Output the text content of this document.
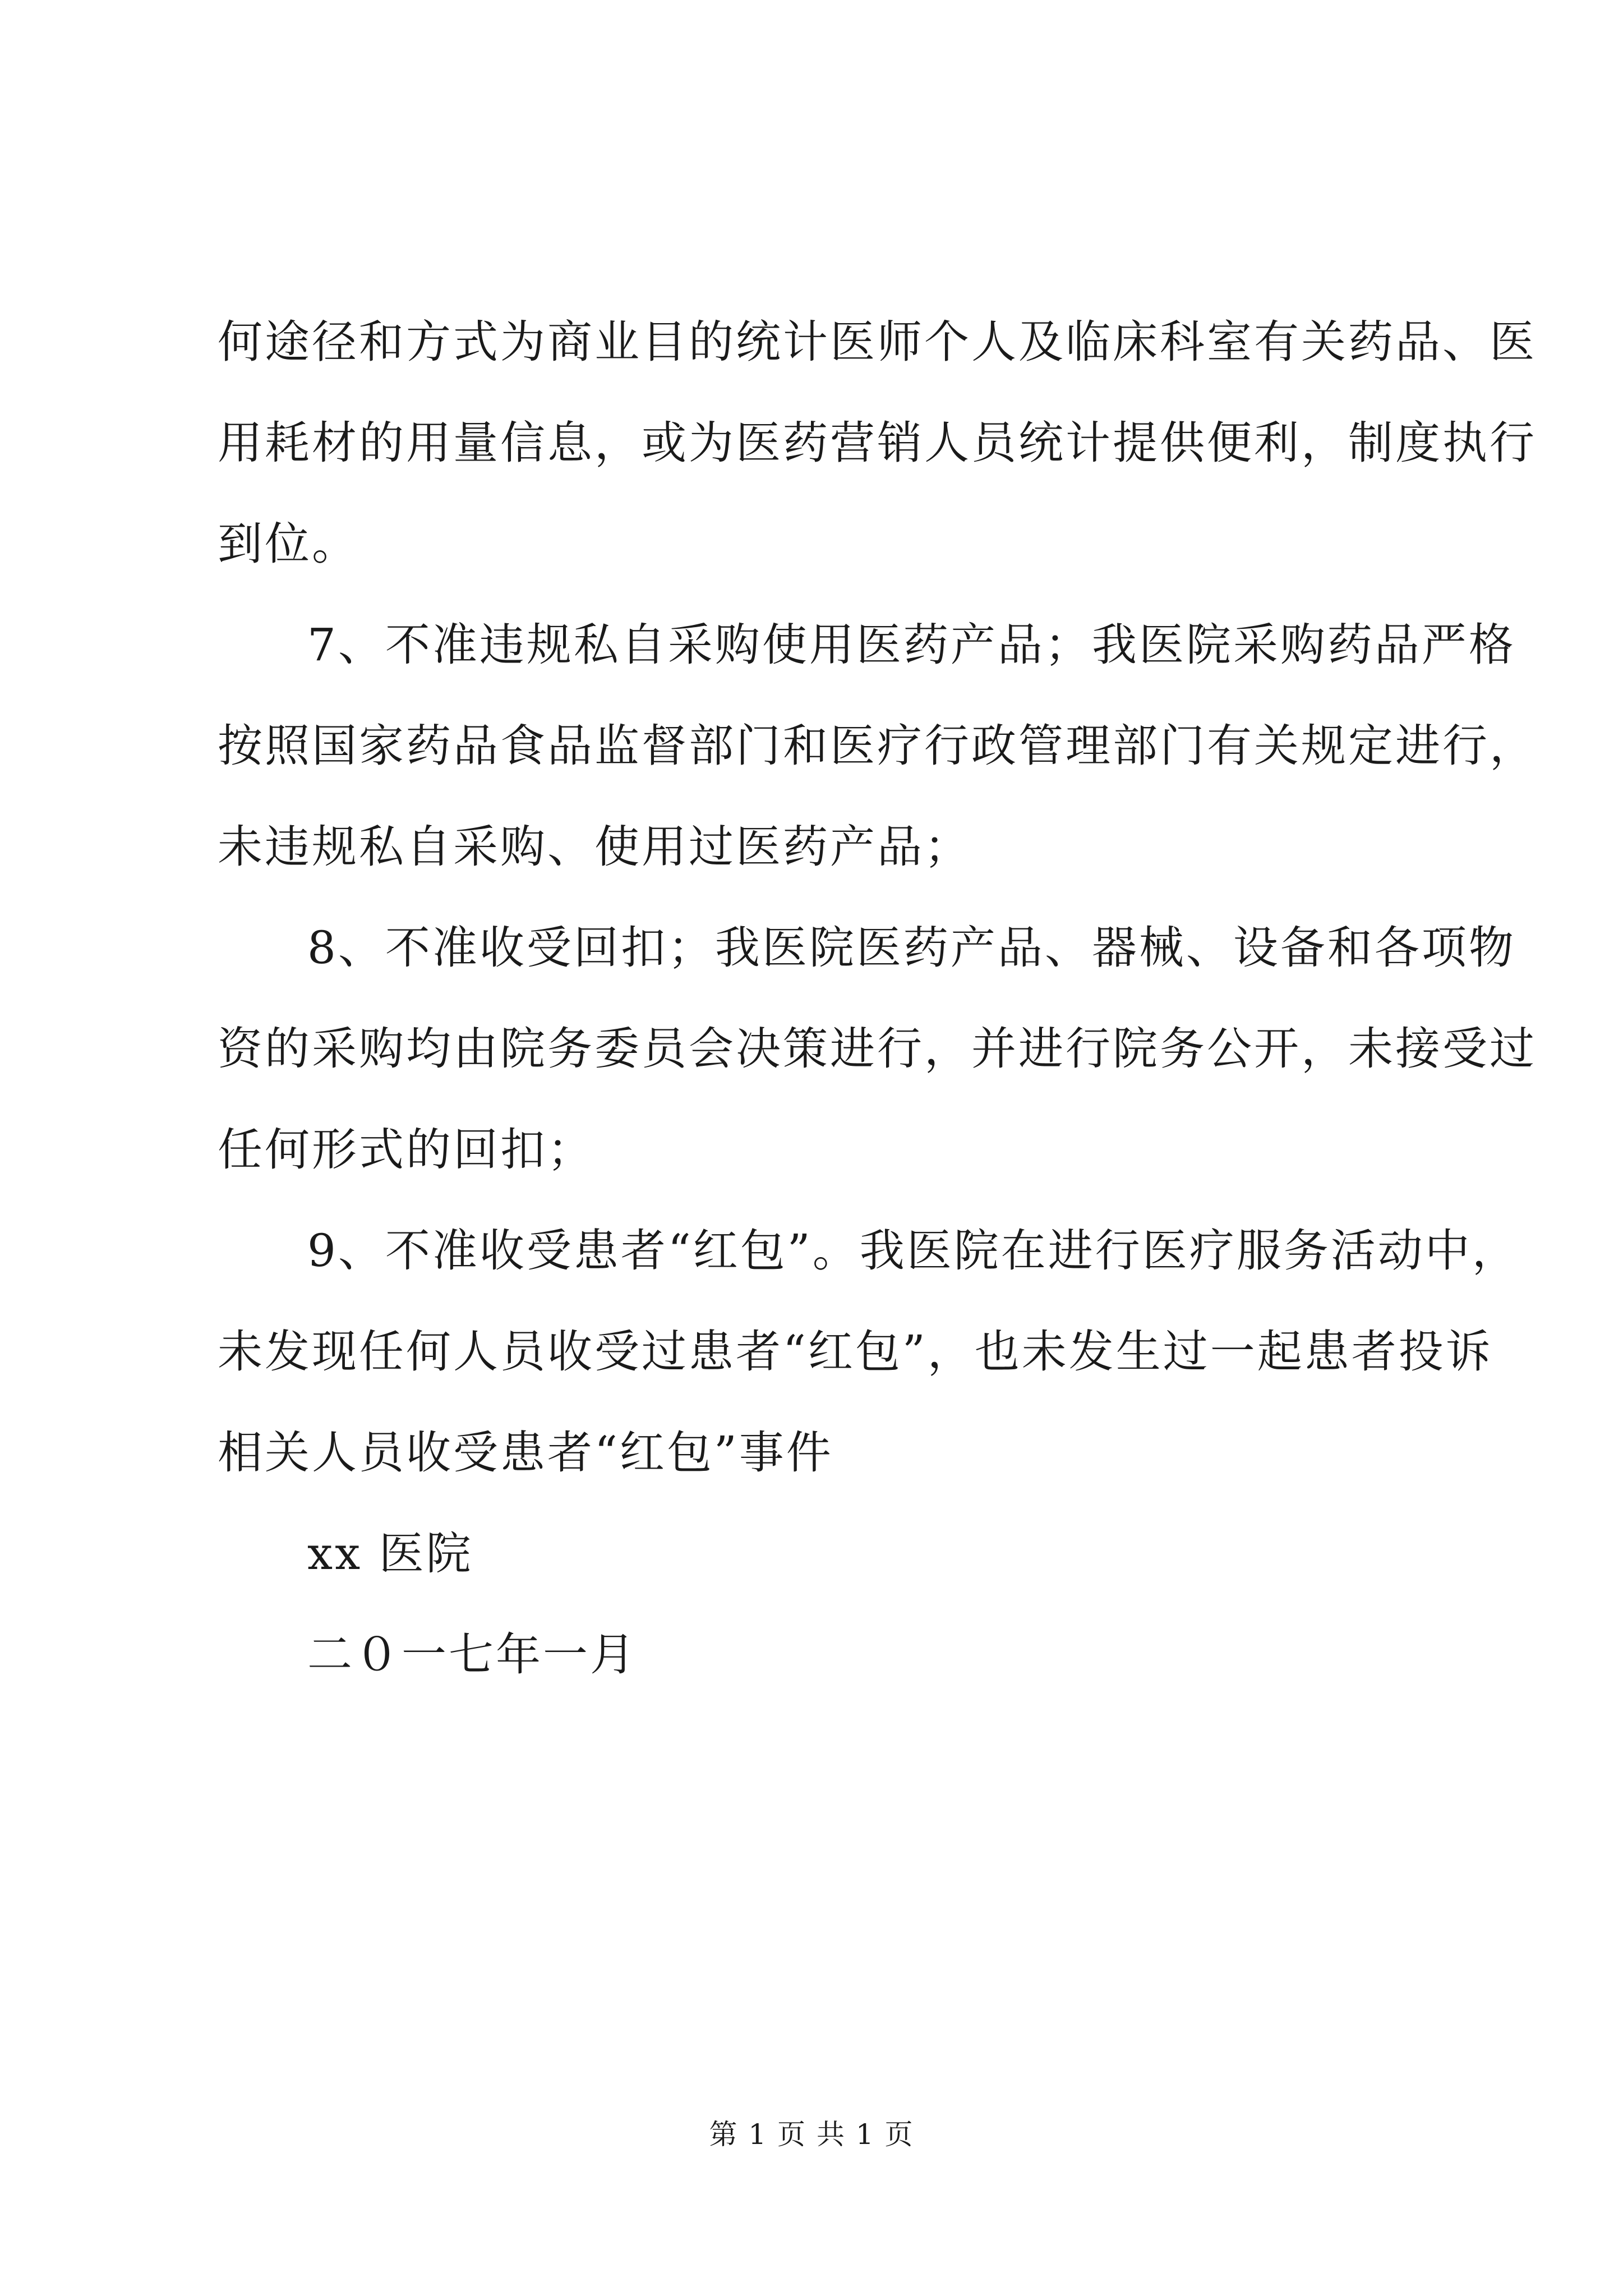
何途径和方式为商业目的统计医师个人及临床科室有关药品、医
用耗材的用量信息，或为医药营销人员统计提供便利，制度执行
到位。
7、不准违规私自采购使用医药产品；我医院采购药品严格
按照国家药品食品监督部门和医疗行政管理部门有关规定进行，
未违规私自采购、使用过医药产品；
8、不准收受回扣；我医院医药产品、器械、设备和各项物
资的采购均由院务委员会决策进行，并进行院务公开，未接受过
任何形式的回扣；
9、不准收受患者“红包”。我医院在进行医疗服务活动中，
未发现任何人员收受过患者“红包”，也未发生过一起患者投诉
相关人员收受患者“红包”事件
xx 医院
二０一七年一月
第 1 页 共 1 页
